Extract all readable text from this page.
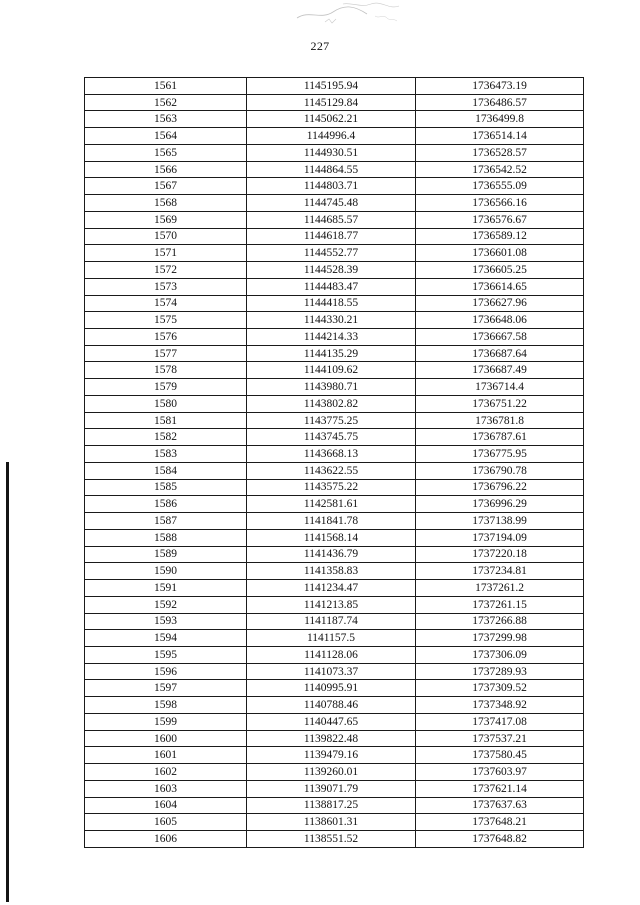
227
1561	1145195.94	1736473.19
1562	1145129.84	1736486.57
1563	1145062.21	1736499.8
1564	1144996.4	1736514.14
1565	1144930.51	1736528.57
1566	1144864.55	1736542.52
1567	1144803.71	1736555.09
1568	1144745.48	1736566.16
1569	1144685.57	1736576.67
1570	1144618.77	1736589.12
1571	1144552.77	1736601.08
1572	1144528.39	1736605.25
1573	1144483.47	1736614.65
1574	1144418.55	1736627.96
1575	1144330.21	1736648.06
1576	1144214.33	1736667.58
1577	1144135.29	1736687.64
1578	1144109.62	1736687.49
1579	1143980.71	1736714.4
1580	1143802.82	1736751.22
1581	1143775.25	1736781.8
1582	1143745.75	1736787.61
1583	1143668.13	1736775.95
1584	1143622.55	1736790.78
1585	1143575.22	1736796.22
1586	1142581.61	1736996.29
1587	1141841.78	1737138.99
1588	1141568.14	1737194.09
1589	1141436.79	1737220.18
1590	1141358.83	1737234.81
1591	1141234.47	1737261.2
1592	1141213.85	1737261.15
1593	1141187.74	1737266.88
1594	1141157.5	1737299.98
1595	1141128.06	1737306.09
1596	1141073.37	1737289.93
1597	1140995.91	1737309.52
1598	1140788.46	1737348.92
1599	1140447.65	1737417.08
1600	1139822.48	1737537.21
1601	1139479.16	1737580.45
1602	1139260.01	1737603.97
1603	1139071.79	1737621.14
1604	1138817.25	1737637.63
1605	1138601.31	1737648.21
1606	1138551.52	1737648.82
